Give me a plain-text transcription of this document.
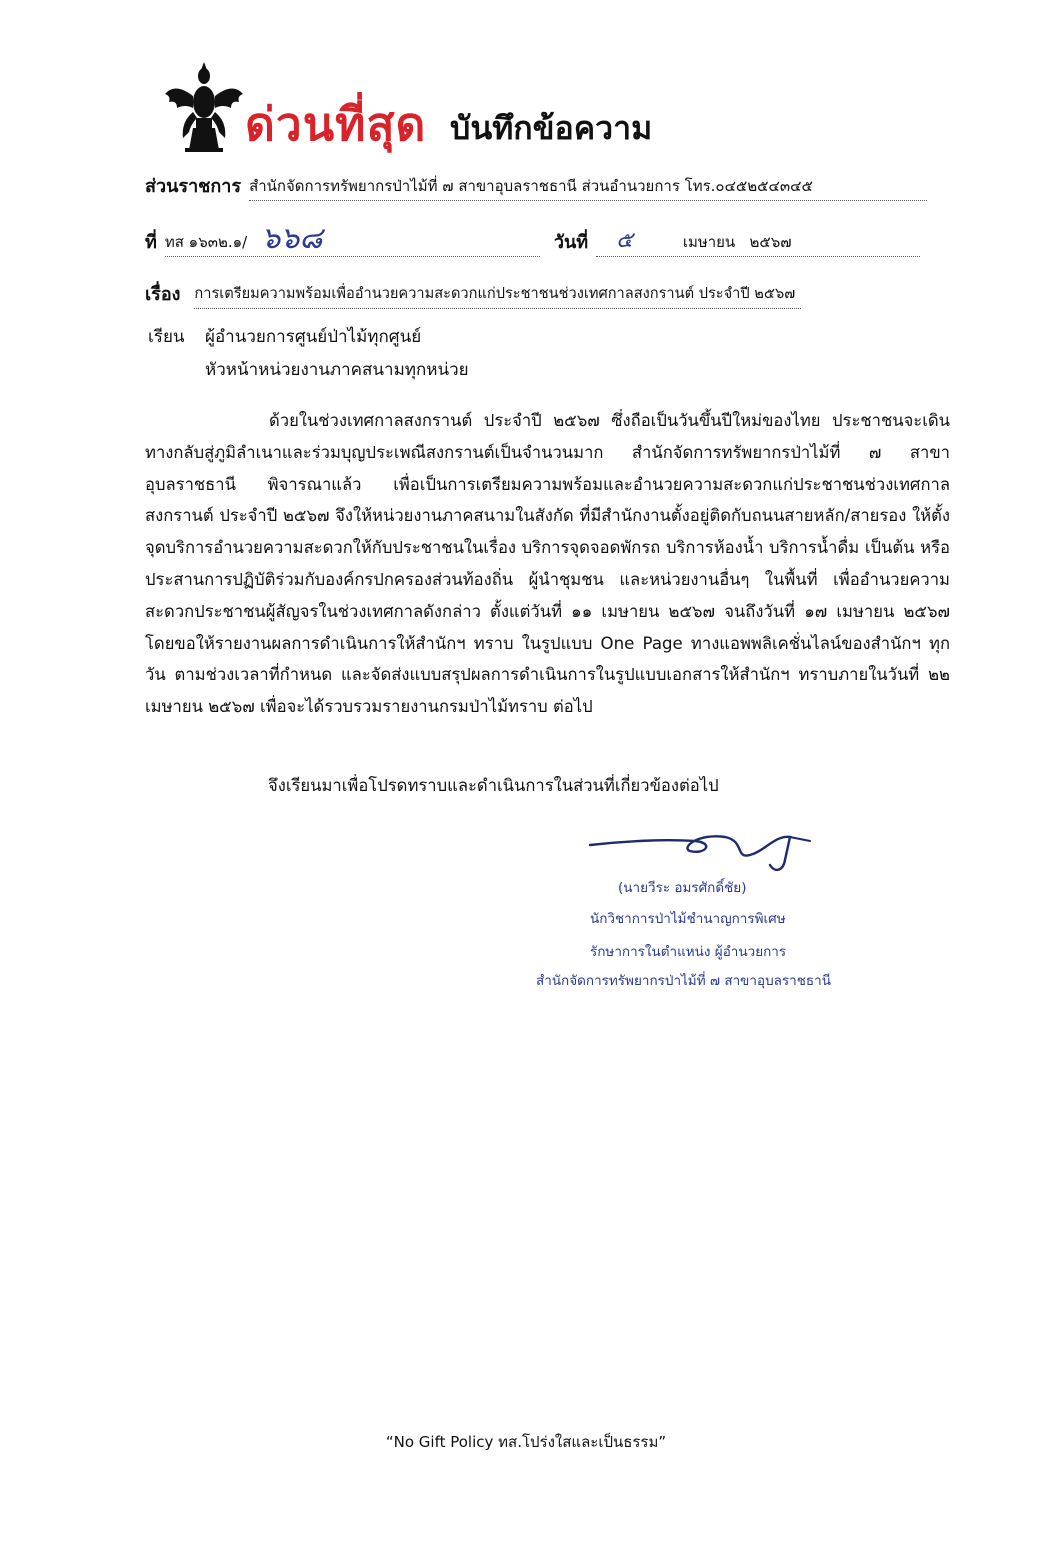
ด่วนที่สุด บันทึกข้อความ
ส่วนราชการ สำนักจัดการทรัพยากรป่าไม้ที่ ๗ สาขาอุบลราชธานี ส่วนอำนวยการ โทร.๐๔๕๒๕๔๓๔๕
ที่ ทส ๑๖๓๒.๑/ ๖๖๘	วันที่ ๕	เมษายน   ๒๕๖๗
เรื่อง การเตรียมความพร้อมเพื่ออำนวยความสะดวกแก่ประชาชนช่วงเทศกาลสงกรานต์ ประจำปี ๒๕๖๗
เรียน ผู้อำนวยการศูนย์ป่าไม้ทุกศูนย์
หัวหน้าหน่วยงานภาคสนามทุกหน่วย
ด้วยในช่วงเทศกาลสงกรานต์ ประจำปี ๒๕๖๗ ซึ่งถือเป็นวันขึ้นปีใหม่ของไทย ประชาชนจะเดินทางกลับสู่ภูมิลำเนาและร่วมบุญประเพณีสงกรานต์เป็นจำนวนมาก สำนักจัดการทรัพยากรป่าไม้ที่ ๗ สาขาอุบลราชธานี พิจารณาแล้ว เพื่อเป็นการเตรียมความพร้อมและอำนวยความสะดวกแก่ประชาชนช่วงเทศกาลสงกรานต์ ประจำปี ๒๕๖๗ จึงให้หน่วยงานภาคสนามในสังกัด ที่มีสำนักงานตั้งอยู่ติดกับถนนสายหลัก/สายรอง ให้ตั้งจุดบริการอำนวยความสะดวกให้กับประชาชนในเรื่อง บริการจุดจอดพักรถ บริการห้องน้ำ บริการน้ำดื่ม เป็นต้น หรือประสานการปฏิบัติร่วมกับองค์กรปกครองส่วนท้องถิ่น ผู้นำชุมชน และหน่วยงานอื่นๆ ในพื้นที่ เพื่ออำนวยความสะดวกประชาชนผู้สัญจรในช่วงเทศกาลดังกล่าว ตั้งแต่วันที่ ๑๑ เมษายน ๒๕๖๗ จนถึงวันที่ ๑๗ เมษายน ๒๕๖๗ โดยขอให้รายงานผลการดำเนินการให้สำนักฯ ทราบ ในรูปแบบ One Page ทางแอพพลิเคชั่นไลน์ของสำนักฯ ทุกวัน ตามช่วงเวลาที่กำหนด และจัดส่งแบบสรุปผลการดำเนินการในรูปแบบเอกสารให้สำนักฯ ทราบภายในวันที่ ๒๒ เมษายน ๒๕๖๗ เพื่อจะได้รวบรวมรายงานกรมป่าไม้ทราบ ต่อไป
จึงเรียนมาเพื่อโปรดทราบและดำเนินการในส่วนที่เกี่ยวข้องต่อไป
(นายวีระ อมรศักดิ์ชัย)
นักวิชาการป่าไม้ชำนาญการพิเศษ
รักษาการในตำแหน่ง ผู้อำนวยการ
สำนักจัดการทรัพยากรป่าไม้ที่ ๗ สาขาอุบลราชธานี
“No Gift Policy ทส.โปร่งใสและเป็นธรรม”
